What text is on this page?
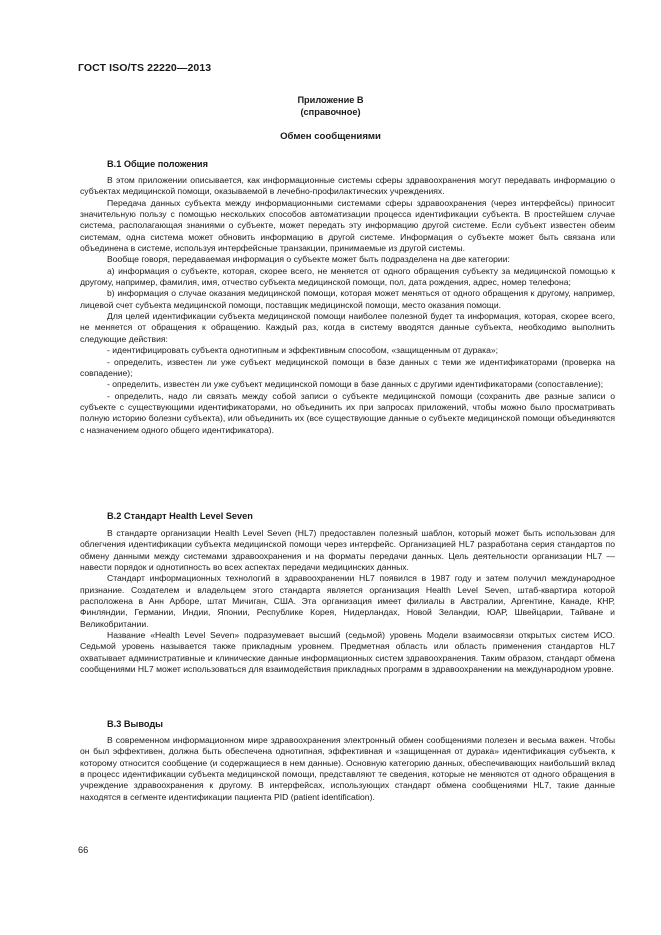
ГОСТ ISO/TS 22220—2013
Приложение В
(справочное)
Обмен сообщениями
В.1 Общие положения

В этом приложении описывается, как информационные системы сферы здравоохранения могут передавать информацию о субъектах медицинской помощи, оказываемой в лечебно-профилактических учреждениях.

Передача данных субъекта между информационными системами сферы здравоохранения (через интерфейсы) приносит значительную пользу с помощью нескольких способов автоматизации процесса идентификации субъекта. В простейшем случае система, располагающая знаниями о субъекте, может передать эту информацию другой системе. Если субъект известен обеим системам, одна система может обновить информацию в другой системе. Информация о субъекте может быть связана или объединена в системе, используя интерфейсные транзакции, принимаемые из другой системы.

Вообще говоря, передаваемая информация о субъекте может быть подразделена на две категории:

а) информация о субъекте, которая, скорее всего, не меняется от одного обращения субъекту за медицинской помощью к другому, например, фамилия, имя, отчество субъекта медицинской помощи, пол, дата рождения, адрес, номер телефона;

b) информация о случае оказания медицинской помощи, которая может меняться от одного обращения к другому, например, лицевой счет субъекта медицинской помощи, поставщик медицинской помощи, место оказания помощи.

Для целей идентификации субъекта медицинской помощи наиболее полезной будет та информация, которая, скорее всего, не меняется от обращения к обращению. Каждый раз, когда в систему вводятся данные субъекта, необходимо выполнить следующие действия:

- идентифицировать субъекта однотипным и эффективным способом, «защищенным от дурака»;

- определить, известен ли уже субъект медицинской помощи в базе данных с теми же идентификаторами (проверка на совпадение);

- определить, известен ли уже субъект медицинской помощи в базе данных с другими идентификаторами (сопоставление);

- определить, надо ли связать между собой записи о субъекте медицинской помощи (сохранить две разные записи о субъекте с существующими идентификаторами, но объединить их при запросах приложений, чтобы можно было просматривать полную историю болезни субъекта), или объединить их (все существующие данные о субъекте медицинской помощи объединяются с назначением одного общего идентификатора).

В.2 Стандарт Health Level Seven

В стандарте организации Health Level Seven (HL7) предоставлен полезный шаблон, который может быть использован для облегчения идентификации субъекта медицинской помощи через интерфейс. Организацией HL7 разработана серия стандартов по обмену данными между системами здравоохранения и на форматы передачи данных. Цель деятельности организации HL7 — навести порядок и однотипность во всех аспектах передачи медицинских данных.

Стандарт информационных технологий в здравоохранении HL7 появился в 1987 году и затем получил международное признание. Создателем и владельцем этого стандарта является организация Health Level Seven, штаб-квартира которой расположена в Анн Арборе, штат Мичиган, США. Эта организация имеет филиалы в Австралии, Аргентине, Канаде, КНР, Финляндии, Германии, Индии, Японии, Республике Корея, Нидерландах, Новой Зеландии, ЮАР, Швейцарии, Тайване и Великобритании.

Название «Health Level Seven» подразумевает высший (седьмой) уровень Модели взаимосвязи открытых систем ИСО. Седьмой уровень называется также прикладным уровнем. Предметная область или область применения стандартов HL7 охватывает административные и клинические данные информационных систем здравоохранения. Таким образом, стандарт обмена сообщениями HL7 может использоваться для взаимодействия прикладных программ в здравоохранении на международном уровне.

В.3 Выводы

В современном информационном мире здравоохранения электронный обмен сообщениями полезен и весьма важен. Чтобы он был эффективен, должна быть обеспечена однотипная, эффективная и «защищенная от дурака» идентификация субъекта, к которому относится сообщение (и содержащиеся в нем данные). Основную категорию данных, обеспечивающих наибольший вклад в процесс идентификации субъекта медицинской помощи, представляют те сведения, которые не меняются от одного обращения в учреждение здравоохранения к другому. В интерфейсах, использующих стандарт обмена сообщениями HL7, такие данные находятся в сегменте идентификации пациента PID (patient identification).

66
